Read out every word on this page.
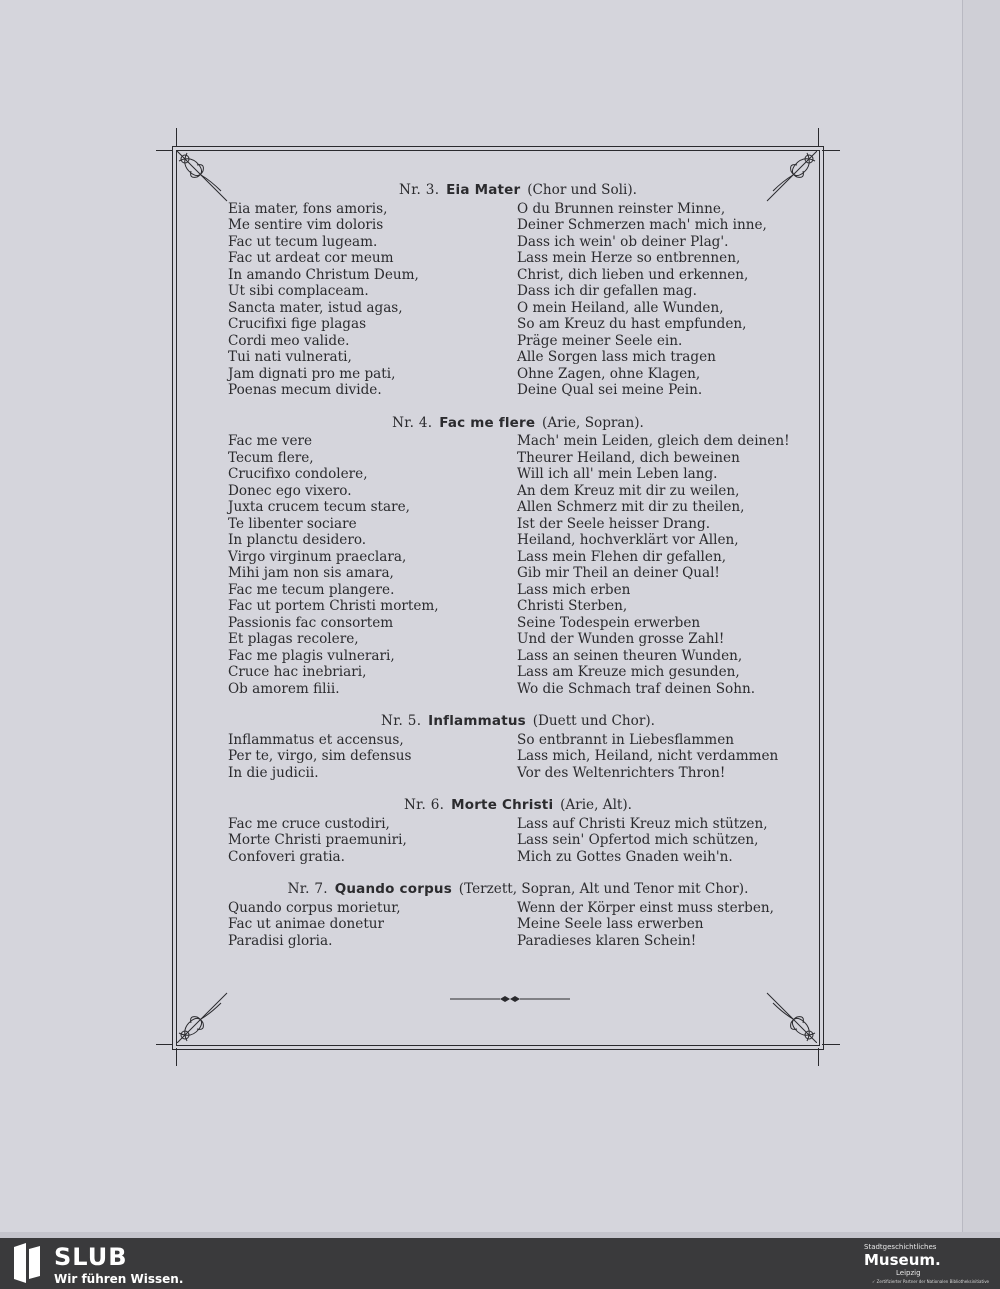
Nr. 3.  Eia Mater  (Chor und Soli).
Eia mater, fons amoris,
Me sentire vim doloris
Fac ut tecum lugeam.
Fac ut ardeat cor meum
In amando Christum Deum,
Ut sibi complaceam.
Sancta mater, istud agas,
Crucifixi fige plagas
Cordi meo valide.
Tui nati vulnerati,
Jam dignati pro me pati,
Poenas mecum divide.
O du Brunnen reinster Minne,
Deiner Schmerzen mach' mich inne,
Dass ich wein' ob deiner Plag'.
Lass mein Herze so entbrennen,
Christ, dich lieben und erkennen,
Dass ich dir gefallen mag.
O mein Heiland, alle Wunden,
So am Kreuz du hast empfunden,
Präge meiner Seele ein.
Alle Sorgen lass mich tragen
Ohne Zagen, ohne Klagen,
Deine Qual sei meine Pein.
Nr. 4.  Fac me flere  (Arie, Sopran).
Fac me vere
Tecum flere,
Crucifixo condolere,
Donec ego vixero.
Juxta crucem tecum stare,
Te libenter sociare
In planctu desidero.
Virgo virginum praeclara,
Mihi jam non sis amara,
Fac me tecum plangere.
Fac ut portem Christi mortem,
Passionis fac consortem
Et plagas recolere,
Fac me plagis vulnerari,
Cruce hac inebriari,
Ob amorem filii.
Mach' mein Leiden, gleich dem deinen!
Theurer Heiland, dich beweinen
Will ich all' mein Leben lang.
An dem Kreuz mit dir zu weilen,
Allen Schmerz mit dir zu theilen,
Ist der Seele heisser Drang.
Heiland, hochverklärt vor Allen,
Lass mein Flehen dir gefallen,
Gib mir Theil an deiner Qual!
Lass mich erben
Christi Sterben,
Seine Todespein erwerben
Und der Wunden grosse Zahl!
Lass an seinen theuren Wunden,
Lass am Kreuze mich gesunden,
Wo die Schmach traf deinen Sohn.
Nr. 5.  Inflammatus  (Duett und Chor).
Inflammatus et accensus,
Per te, virgo, sim defensus
In die judicii.
So entbrannt in Liebesflammen
Lass mich, Heiland, nicht verdammen
Vor des Weltenrichters Thron!
Nr. 6.  Morte Christi  (Arie, Alt).
Fac me cruce custodiri,
Morte Christi praemuniri,
Confoveri gratia.
Lass auf Christi Kreuz mich stützen,
Lass sein' Opfertod mich schützen,
Mich zu Gottes Gnaden weih'n.
Nr. 7.  Quando corpus  (Terzett, Sopran, Alt und Tenor mit Chor).
Quando corpus morietur,
Fac ut animae donetur
Paradisi gloria.
Wenn der Körper einst muss sterben,
Meine Seele lass erwerben
Paradieses klaren Schein!
SLUB
Wir führen Wissen.
Stadtgeschichtliches
Museum.
Leipzig
✓ Zertifizierter Partner der Nationalen Bibliotheksinitiative
